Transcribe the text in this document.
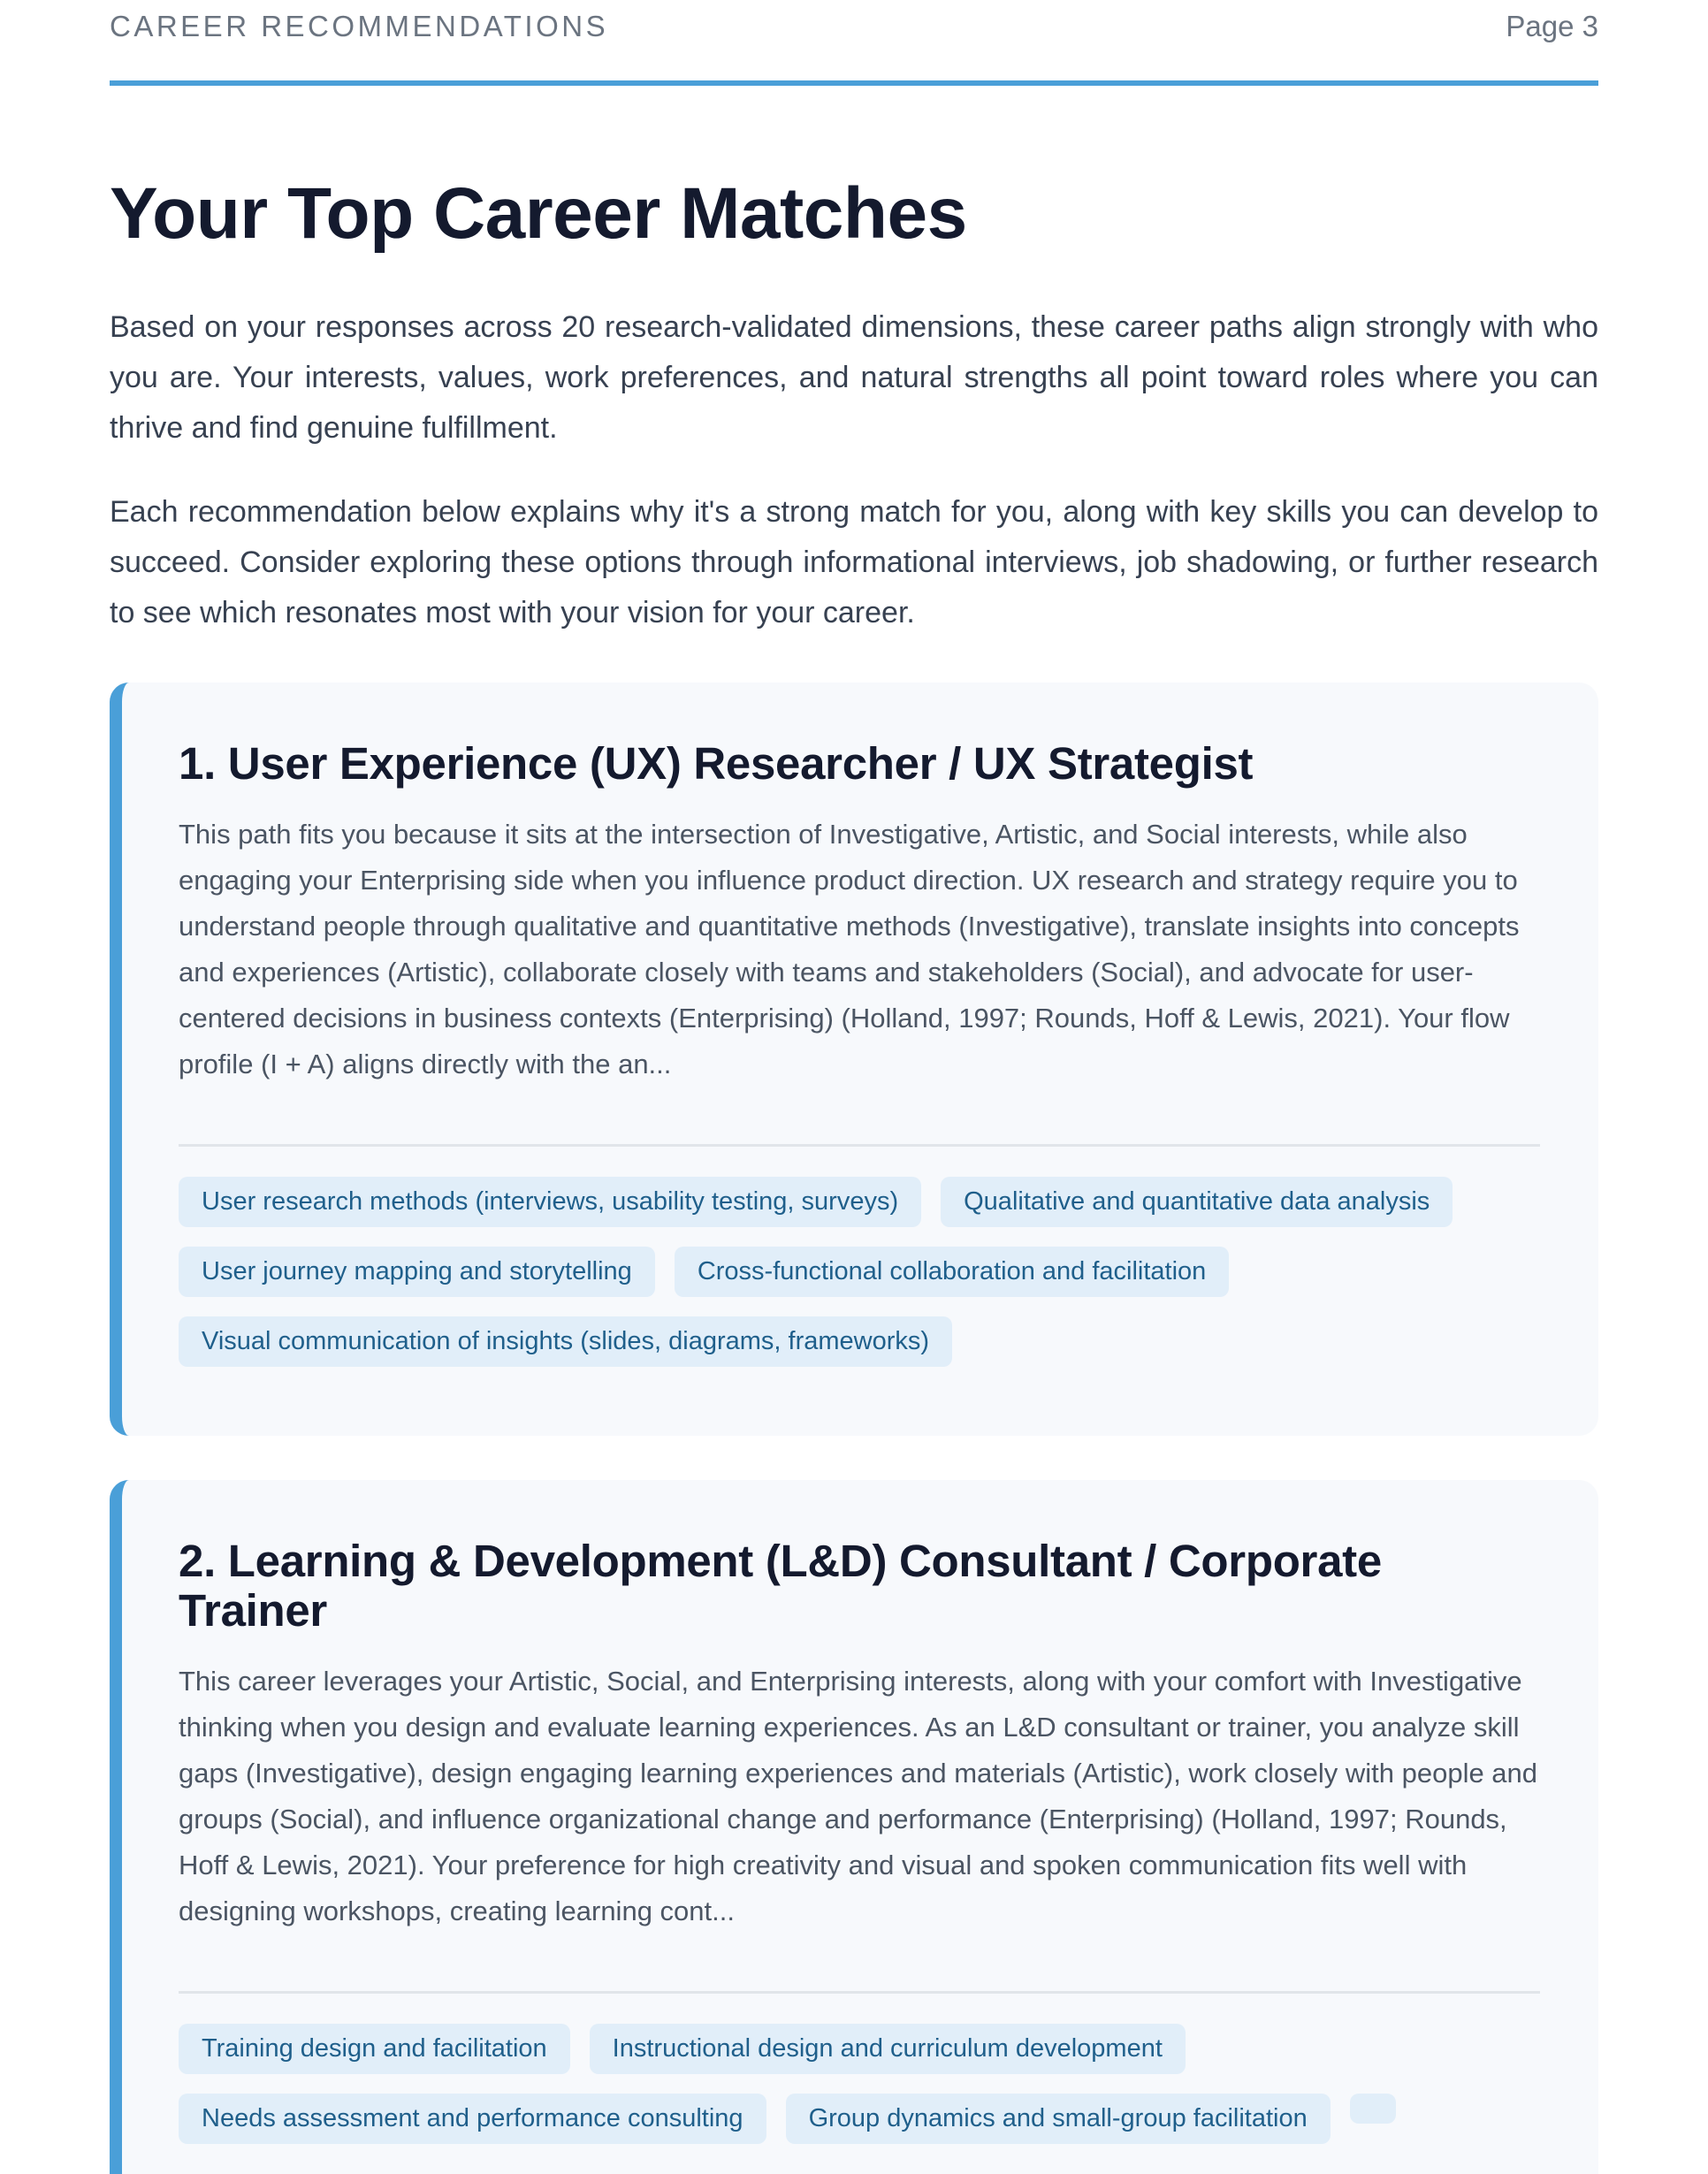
CAREER RECOMMENDATIONS	Page 3
Your Top Career Matches

Based on your responses across 20 research-validated dimensions, these career paths align strongly with who you are. Your interests, values, work preferences, and natural strengths all point toward roles where you can thrive and find genuine fulfillment.

Each recommendation below explains why it's a strong match for you, along with key skills you can develop to succeed. Consider exploring these options through informational interviews, job shadowing, or further research to see which resonates most with your vision for your career.

1. User Experience (UX) Researcher / UX Strategist

This path fits you because it sits at the intersection of Investigative, Artistic, and Social interests, while also engaging your Enterprising side when you influence product direction. UX research and strategy require you to understand people through qualitative and quantitative methods (Investigative), translate insights into concepts and experiences (Artistic), collaborate closely with teams and stakeholders (Social), and advocate for user-centered decisions in business contexts (Enterprising) (Holland, 1997; Rounds, Hoff & Lewis, 2021). Your flow profile (I + A) aligns directly with the an...

User research methods (interviews, usability testing, surveys)	Qualitative and quantitative data analysis
User journey mapping and storytelling	Cross-functional collaboration and facilitation
Visual communication of insights (slides, diagrams, frameworks)
2. Learning & Development (L&D) Consultant / Corporate Trainer

This career leverages your Artistic, Social, and Enterprising interests, along with your comfort with Investigative thinking when you design and evaluate learning experiences. As an L&D consultant or trainer, you analyze skill gaps (Investigative), design engaging learning experiences and materials (Artistic), work closely with people and groups (Social), and influence organizational change and performance (Enterprising) (Holland, 1997; Rounds, Hoff & Lewis, 2021). Your preference for high creativity and visual and spoken communication fits well with designing workshops, creating learning cont...

Training design and facilitation	Instructional design and curriculum development
Needs assessment and performance consulting	Group dynamics and small-group facilitation
